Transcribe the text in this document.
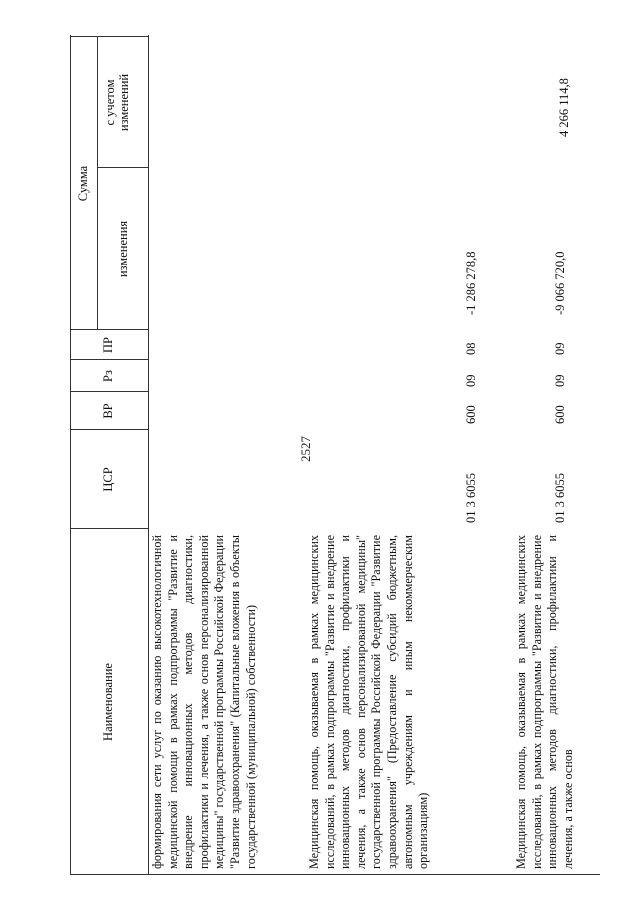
2527
Наименование
ЦСР
ВР
Рз
ПР
Сумма
изменения
с учетом изменений
формирования сети услуг по оказанию высокотехнологичной медицинской помощи в рамках подпрограммы "Развитие и внедрение инновационных методов диагностики, профилактики и лечения, а также основ персонализированной медицины" государственной программы Российской Федерации "Развитие здравоохранения" (Капитальные вложения в объекты государственной (муниципальной) собственности)	Медицинская помощь, оказываемая в рамках медицинских исследований, в рамках подпрограммы "Развитие и внедрение инновационных методов диагностики, профилактики и лечения, а также основ персонализированной медицины" государственной программы Российской Федерации "Развитие здравоохранения" (Предоставление субсидий бюджетным, автономным учреждениям и иным некоммерческим организациям)
01 3 6055
600
09
08
-1 286 278,8
4 266 114,8
Медицинская помощь, оказываемая в рамках медицинских исследований, в рамках подпрограммы "Развитие и внедрение инновационных методов диагностики, профилактики и лечения, а также основ
01 3 6055
600
09
09
-9 066 720,0
